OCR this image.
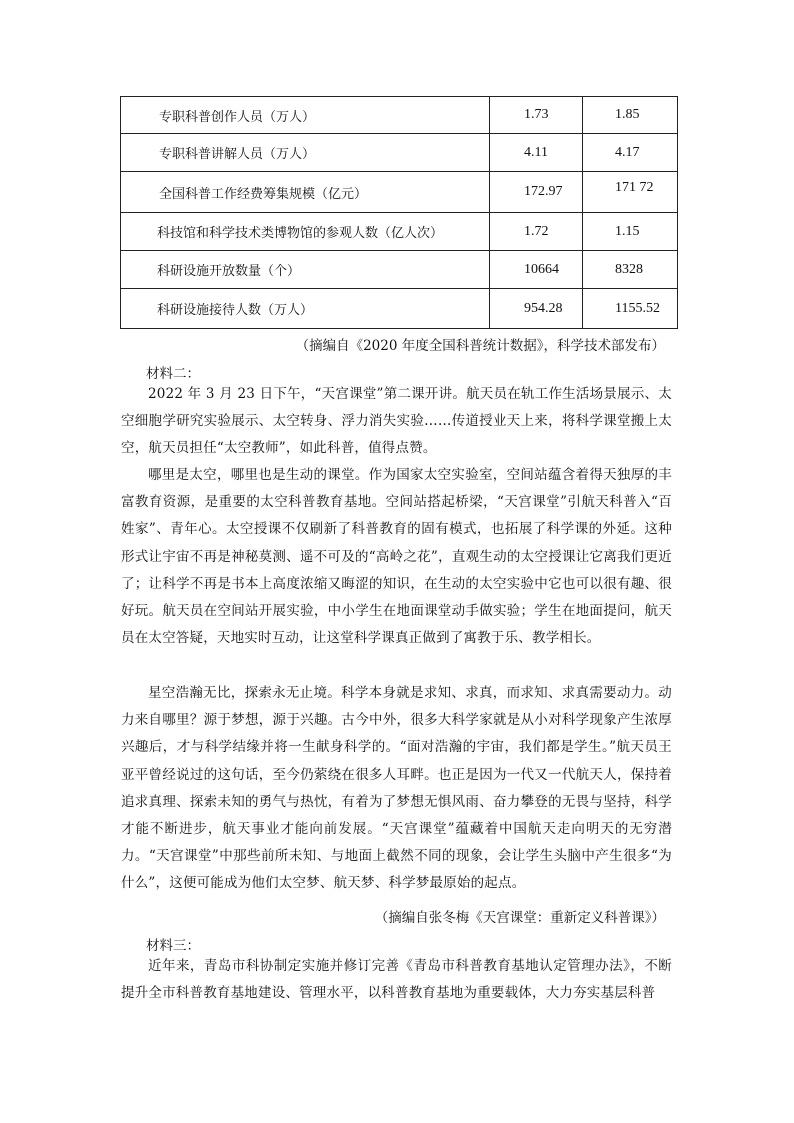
专职科普创作人员（万人）	1.73	1.85
专职科普讲解人员（万人）	4.11	4.17
全国科普工作经费筹集规模（亿元）	172.97	171 72
科技馆和科学技术类博物馆的参观人数（亿人次）	1.72	1.15
科研设施开放数量（个）	10664	8328
科研设施接待人数（万人）	954.28	1155.52
（摘编自《2020 年度全国科普统计数据》，科学技术部发布）
材料二：
2022 年 3 月 23 日下午，“天宫课堂”第二课开讲。航天员在轨工作生活场景展示、太空细胞学研究实验展示、太空转身、浮力消失实验……传道授业天上来，将科学课堂搬上太空，航天员担任“太空教师”，如此科普，值得点赞。
哪里是太空，哪里也是生动的课堂。作为国家太空实验室，空间站蕴含着得天独厚的丰富教育资源，是重要的太空科普教育基地。空间站搭起桥梁，“天宫课堂”引航天科普入“百姓家”、青年心。太空授课不仅刷新了科普教育的固有模式，也拓展了科学课的外延。这种形式让宇宙不再是神秘莫测、遥不可及的“高岭之花”，直观生动的太空授课让它离我们更近了；让科学不再是书本上高度浓缩又晦涩的知识，在生动的太空实验中它也可以很有趣、很好玩。航天员在空间站开展实验，中小学生在地面课堂动手做实验；学生在地面提问，航天员在太空答疑，天地实时互动，让这堂科学课真正做到了寓教于乐、教学相长。
星空浩瀚无比，探索永无止境。科学本身就是求知、求真，而求知、求真需要动力。动力来自哪里？源于梦想，源于兴趣。古今中外，很多大科学家就是从小对科学现象产生浓厚兴趣后，才与科学结缘并将一生献身科学的。“面对浩瀚的宇宙，我们都是学生。”航天员王亚平曾经说过的这句话，至今仍萦绕在很多人耳畔。也正是因为一代又一代航天人，保持着追求真理、探索未知的勇气与热忱，有着为了梦想无惧风雨、奋力攀登的无畏与坚持，科学才能不断进步，航天事业才能向前发展。“天宫课堂”蕴藏着中国航天走向明天的无穷潜力。“天宫课堂”中那些前所未知、与地面上截然不同的现象，会让学生头脑中产生很多“为什么”，这便可能成为他们太空梦、航天梦、科学梦最原始的起点。
（摘编自张冬梅《天宫课堂：重新定义科普课》）
材料三：
近年来，青岛市科协制定实施并修订完善《青岛市科普教育基地认定管理办法》，不断提升全市科普教育基地建设、管理水平，以科普教育基地为重要载体，大力夯实基层科普
